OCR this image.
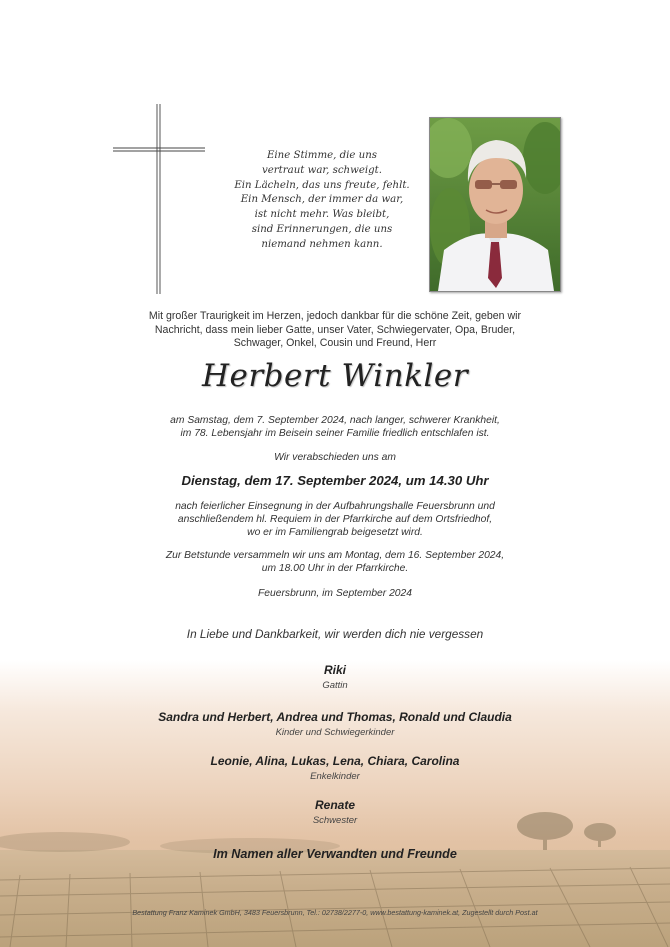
Eine Stimme, die uns
vertraut war, schweigt.
Ein Lächeln, das uns freute, fehlt.
Ein Mensch, der immer da war,
ist nicht mehr. Was bleibt,
sind Erinnerungen, die uns
niemand nehmen kann.
Mit großer Traurigkeit im Herzen, jedoch dankbar für die schöne Zeit, geben wir
Nachricht, dass mein lieber Gatte, unser Vater, Schwiegervater, Opa, Bruder,
Schwager, Onkel, Cousin und Freund, Herr
Herbert Winkler
am Samstag, dem 7. September 2024, nach langer, schwerer Krankheit,
im 78. Lebensjahr im Beisein seiner Familie friedlich entschlafen ist.
Wir verabschieden uns am
Dienstag, dem 17. September 2024, um 14.30 Uhr
nach feierlicher Einsegnung in der Aufbahrungshalle Feuersbrunn und
anschließendem hl. Requiem in der Pfarrkirche auf dem Ortsfriedhof,
wo er im Familiengrab beigesetzt wird.
Zur Betstunde versammeln wir uns am Montag, dem 16. September 2024,
um 18.00 Uhr in der Pfarrkirche.
Feuersbrunn, im September 2024
In Liebe und Dankbarkeit, wir werden dich nie vergessen
Riki
Gattin
Sandra und Herbert, Andrea und Thomas, Ronald und Claudia
Kinder und Schwiegerkinder
Leonie, Alina, Lukas, Lena, Chiara, Carolina
Enkelkinder
Renate
Schwester
Im Namen aller Verwandten und Freunde
Bestattung Franz Kaminek GmbH, 3483 Feuersbrunn, Tel.: 02738/2277-0, www.bestattung-kaminek.at, Zugestellt durch Post.at
